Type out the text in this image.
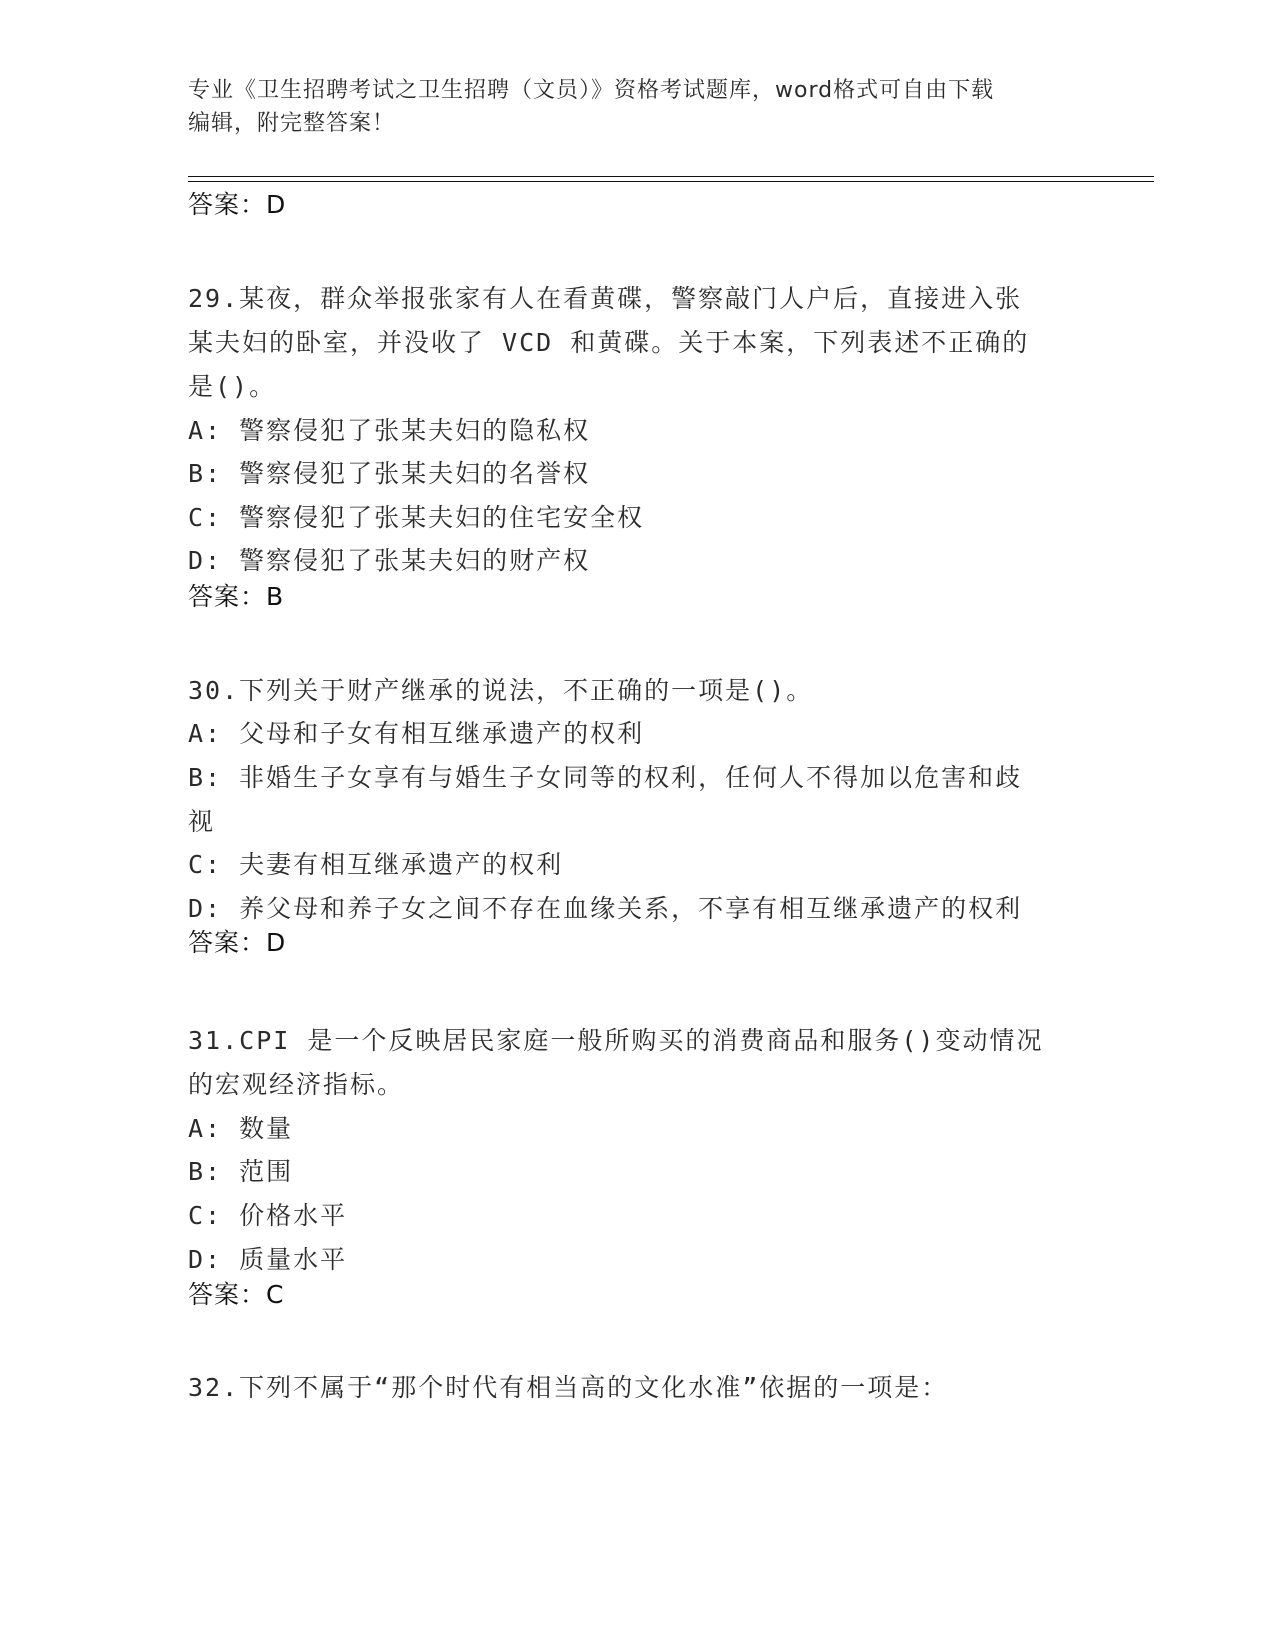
专业《卫生招聘考试之卫生招聘（文员）》资格考试题库，word格式可自由下载
编辑，附完整答案！
答案：D
29.某夜，群众举报张家有人在看黄碟，警察敲门人户后，直接进入张
某夫妇的卧室，并没收了 VCD 和黄碟。关于本案，下列表述不正确的
是()。
A: 警察侵犯了张某夫妇的隐私权
B: 警察侵犯了张某夫妇的名誉权
C: 警察侵犯了张某夫妇的住宅安全权
D: 警察侵犯了张某夫妇的财产权
答案：B
30.下列关于财产继承的说法，不正确的一项是()。
A: 父母和子女有相互继承遗产的权利
B: 非婚生子女享有与婚生子女同等的权利，任何人不得加以危害和歧
视
C: 夫妻有相互继承遗产的权利
D: 养父母和养子女之间不存在血缘关系，不享有相互继承遗产的权利
答案：D
31.CPI 是一个反映居民家庭一般所购买的消费商品和服务()变动情况
的宏观经济指标。
A: 数量
B: 范围
C: 价格水平
D: 质量水平
答案：C
32.下列不属于“那个时代有相当高的文化水准”依据的一项是：
